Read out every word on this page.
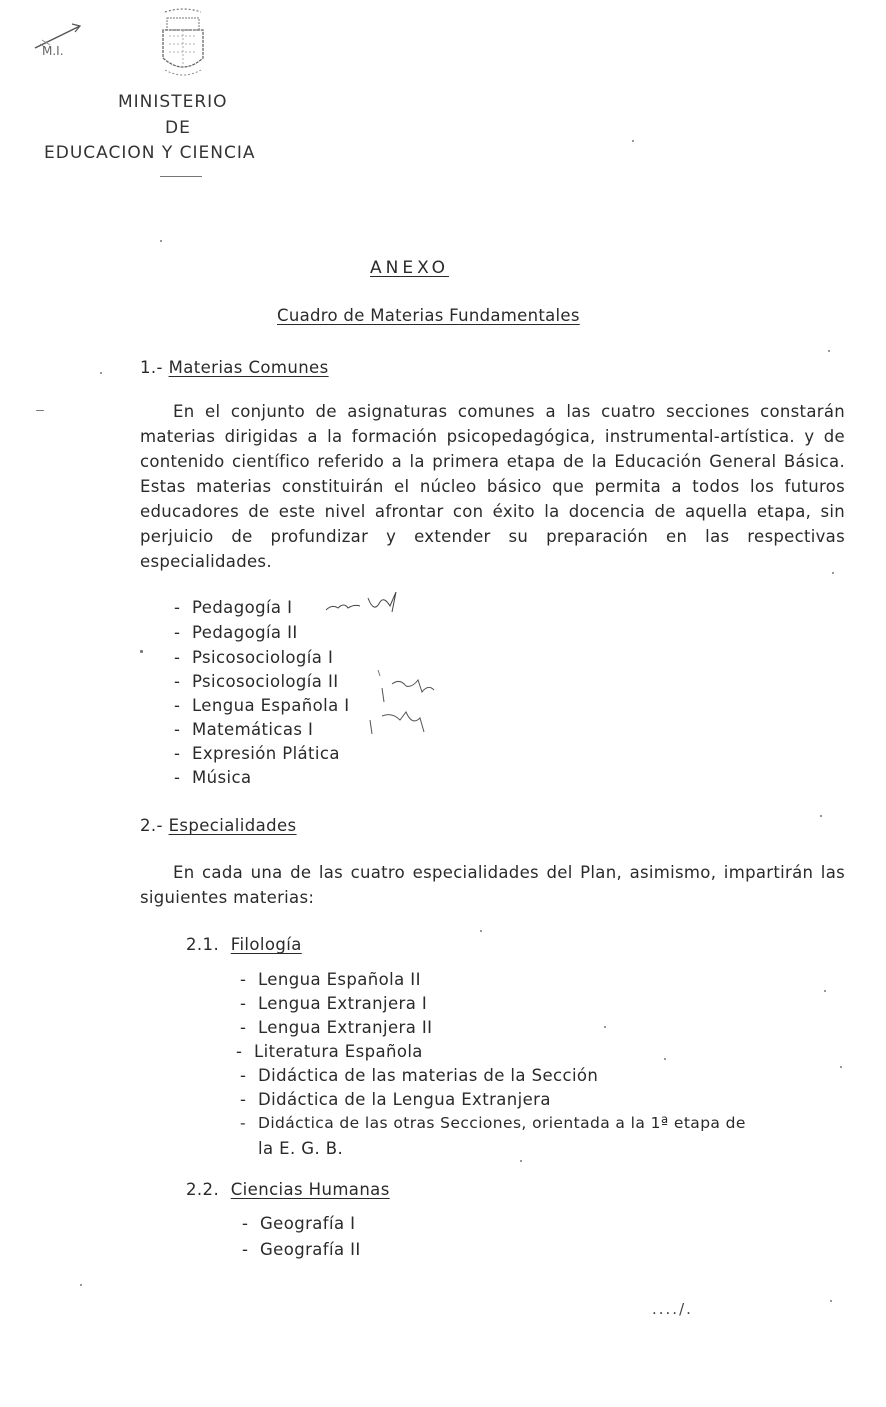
M.I.
MINISTERIO
DE
EDUCACION Y CIENCIA
ANEXO
Cuadro de Materias Fundamentales
1.- Materias Comunes
En el conjunto de asignaturas comunes a las cuatro secciones constarán materias dirigidas a la formación psicopedagógica, instrumental-artística. y de contenido científico referido a la primera etapa de la Educación General Básica. Estas materias constituirán el núcleo básico que permita a todos los futuros educadores de este nivel afrontar con éxito la docencia de aquella etapa, sin perjuicio de profundizar y extender su preparación en las respectivas especialidades.
- Pedagogía I
- Pedagogía II
- Psicosociología I
- Psicosociología II
- Lengua Española I
- Matemáticas I
- Expresión Plática
- Música
2.- Especialidades
En cada una de las cuatro especialidades del Plan, asimismo, impartirán las siguientes materias:
2.1. Filología
- Lengua Española II
- Lengua Extranjera I
- Lengua Extranjera II
- Literatura Española
- Didáctica de las materias de la Sección
- Didáctica de la Lengua Extranjera
- Didáctica de las otras Secciones, orientada a la 1ª etapa de
la E. G. B.
2.2. Ciencias Humanas
- Geografía I
- Geografía II
..../.
